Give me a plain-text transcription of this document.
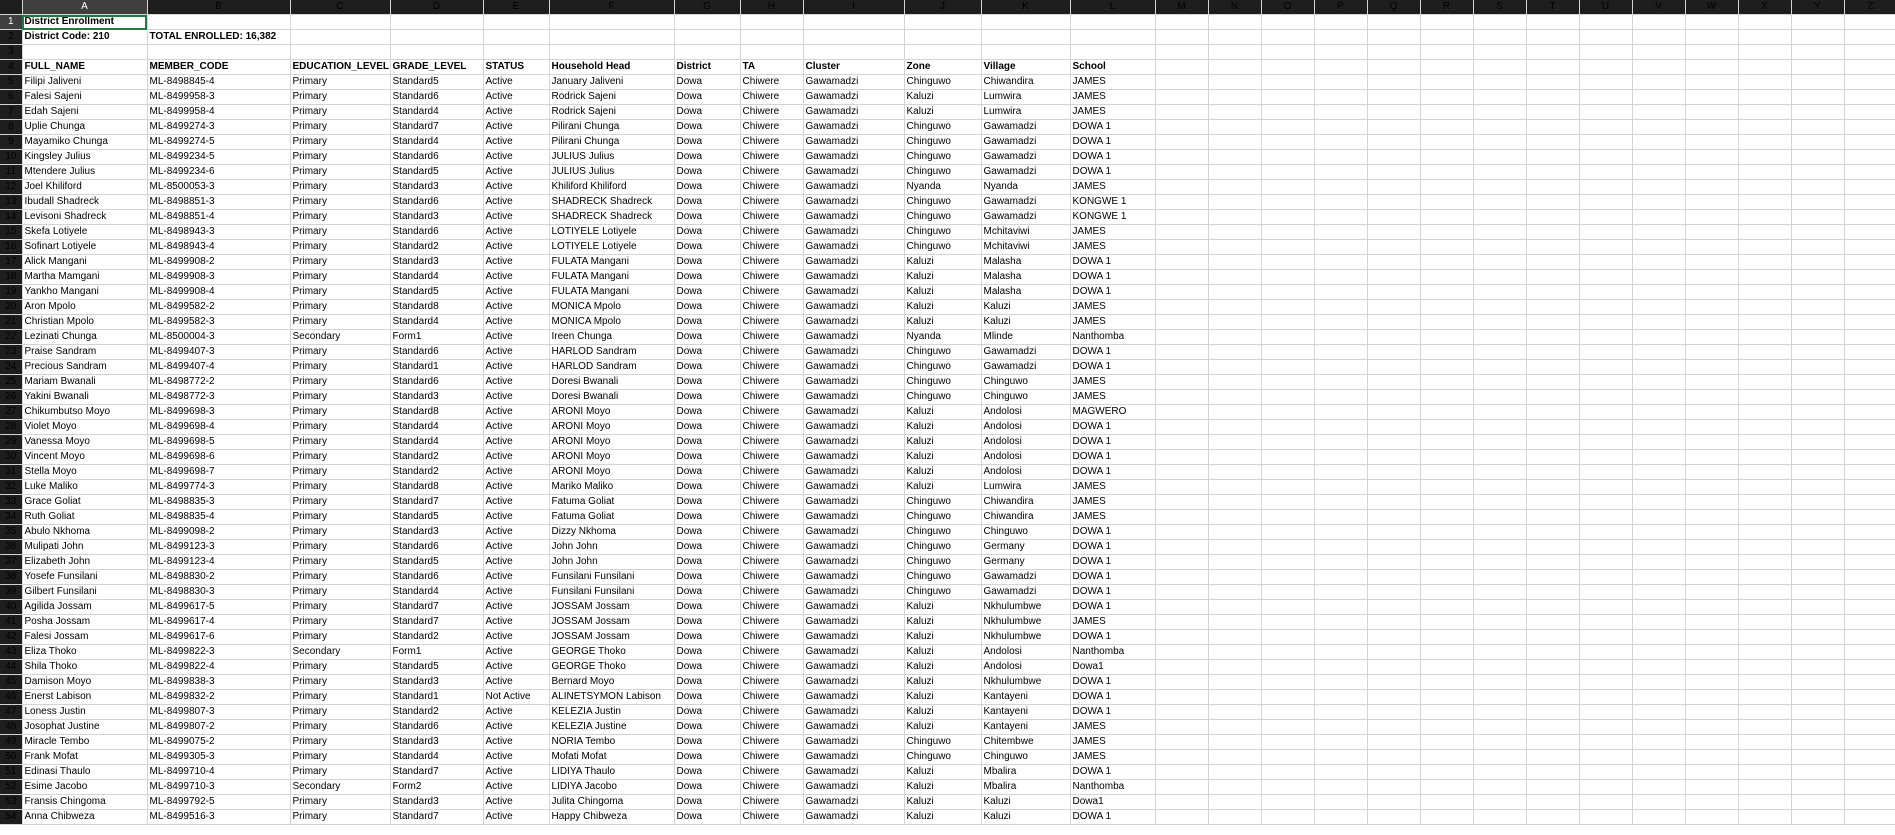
	A	B	C	D	E	F	G	H	I	J	K	L	M	N	O	P	Q	R	S	T	U	V	W	X	Y	Z
1	District Enrollment																									
2	District Code: 210	TOTAL ENROLLED: 16,382																								
3																										
4	FULL_NAME	MEMBER_CODE	EDUCATION_LEVEL	GRADE_LEVEL	STATUS	Household Head	District	TA	Cluster	Zone	Village	School														
5	Filipi Jaliveni	ML-8498845-4	Primary	Standard5	Active	January Jaliveni	Dowa	Chiwere	Gawamadzi	Chinguwo	Chiwandira	JAMES														
6	Falesi Sajeni	ML-8499958-3	Primary	Standard6	Active	Rodrick Sajeni	Dowa	Chiwere	Gawamadzi	Kaluzi	Lumwira	JAMES														
7	Edah Sajeni	ML-8499958-4	Primary	Standard4	Active	Rodrick Sajeni	Dowa	Chiwere	Gawamadzi	Kaluzi	Lumwira	JAMES														
8	Uplie Chunga	ML-8499274-3	Primary	Standard7	Active	Pilirani Chunga	Dowa	Chiwere	Gawamadzi	Chinguwo	Gawamadzi	DOWA 1														
9	Mayamiko Chunga	ML-8499274-5	Primary	Standard4	Active	Pilirani Chunga	Dowa	Chiwere	Gawamadzi	Chinguwo	Gawamadzi	DOWA 1														
10	Kingsley Julius	ML-8499234-5	Primary	Standard6	Active	JULIUS Julius	Dowa	Chiwere	Gawamadzi	Chinguwo	Gawamadzi	DOWA 1														
11	Mtendere Julius	ML-8499234-6	Primary	Standard5	Active	JULIUS Julius	Dowa	Chiwere	Gawamadzi	Chinguwo	Gawamadzi	DOWA 1														
12	Joel Khiliford	ML-8500053-3	Primary	Standard3	Active	Khiliford Khiliford	Dowa	Chiwere	Gawamadzi	Nyanda	Nyanda	JAMES														
13	Ibudall Shadreck	ML-8498851-3	Primary	Standard6	Active	SHADRECK Shadreck	Dowa	Chiwere	Gawamadzi	Chinguwo	Gawamadzi	KONGWE 1														
14	Levisoni Shadreck	ML-8498851-4	Primary	Standard3	Active	SHADRECK Shadreck	Dowa	Chiwere	Gawamadzi	Chinguwo	Gawamadzi	KONGWE 1														
15	Skefa Lotiyele	ML-8498943-3	Primary	Standard6	Active	LOTIYELE Lotiyele	Dowa	Chiwere	Gawamadzi	Chinguwo	Mchitaviwi	JAMES														
16	Sofinart Lotiyele	ML-8498943-4	Primary	Standard2	Active	LOTIYELE Lotiyele	Dowa	Chiwere	Gawamadzi	Chinguwo	Mchitaviwi	JAMES														
17	Alick Mangani	ML-8499908-2	Primary	Standard3	Active	FULATA Mangani	Dowa	Chiwere	Gawamadzi	Kaluzi	Malasha	DOWA 1														
18	Martha Mamgani	ML-8499908-3	Primary	Standard4	Active	FULATA Mangani	Dowa	Chiwere	Gawamadzi	Kaluzi	Malasha	DOWA 1														
19	Yankho Mangani	ML-8499908-4	Primary	Standard5	Active	FULATA Mangani	Dowa	Chiwere	Gawamadzi	Kaluzi	Malasha	DOWA 1														
20	Aron Mpolo	ML-8499582-2	Primary	Standard8	Active	MONICA Mpolo	Dowa	Chiwere	Gawamadzi	Kaluzi	Kaluzi	JAMES														
21	Christian Mpolo	ML-8499582-3	Primary	Standard4	Active	MONICA Mpolo	Dowa	Chiwere	Gawamadzi	Kaluzi	Kaluzi	JAMES														
22	Lezinati Chunga	ML-8500004-3	Secondary	Form1	Active	Ireen Chunga	Dowa	Chiwere	Gawamadzi	Nyanda	Mlinde	Nanthomba														
23	Praise Sandram	ML-8499407-3	Primary	Standard6	Active	HARLOD Sandram	Dowa	Chiwere	Gawamadzi	Chinguwo	Gawamadzi	DOWA 1														
24	Precious Sandram	ML-8499407-4	Primary	Standard1	Active	HARLOD Sandram	Dowa	Chiwere	Gawamadzi	Chinguwo	Gawamadzi	DOWA 1														
25	Mariam Bwanali	ML-8498772-2	Primary	Standard6	Active	Doresi Bwanali	Dowa	Chiwere	Gawamadzi	Chinguwo	Chinguwo	JAMES														
26	Yakini Bwanali	ML-8498772-3	Primary	Standard3	Active	Doresi Bwanali	Dowa	Chiwere	Gawamadzi	Chinguwo	Chinguwo	JAMES														
27	Chikumbutso Moyo	ML-8499698-3	Primary	Standard8	Active	ARONI Moyo	Dowa	Chiwere	Gawamadzi	Kaluzi	Andolosi	MAGWERO														
28	Violet Moyo	ML-8499698-4	Primary	Standard4	Active	ARONI Moyo	Dowa	Chiwere	Gawamadzi	Kaluzi	Andolosi	DOWA 1														
29	Vanessa Moyo	ML-8499698-5	Primary	Standard4	Active	ARONI Moyo	Dowa	Chiwere	Gawamadzi	Kaluzi	Andolosi	DOWA 1														
30	Vincent Moyo	ML-8499698-6	Primary	Standard2	Active	ARONI Moyo	Dowa	Chiwere	Gawamadzi	Kaluzi	Andolosi	DOWA 1														
31	Stella Moyo	ML-8499698-7	Primary	Standard2	Active	ARONI Moyo	Dowa	Chiwere	Gawamadzi	Kaluzi	Andolosi	DOWA 1														
32	Luke Maliko	ML-8499774-3	Primary	Standard8	Active	Mariko Maliko	Dowa	Chiwere	Gawamadzi	Kaluzi	Lumwira	JAMES														
33	Grace Goliat	ML-8498835-3	Primary	Standard7	Active	Fatuma Goliat	Dowa	Chiwere	Gawamadzi	Chinguwo	Chiwandira	JAMES														
34	Ruth Goliat	ML-8498835-4	Primary	Standard5	Active	Fatuma Goliat	Dowa	Chiwere	Gawamadzi	Chinguwo	Chiwandira	JAMES														
35	Abulo Nkhoma	ML-8499098-2	Primary	Standard3	Active	Dizzy Nkhoma	Dowa	Chiwere	Gawamadzi	Chinguwo	Chinguwo	DOWA 1														
36	Mulipati John	ML-8499123-3	Primary	Standard6	Active	John John	Dowa	Chiwere	Gawamadzi	Chinguwo	Germany	DOWA 1														
37	Elizabeth John	ML-8499123-4	Primary	Standard5	Active	John John	Dowa	Chiwere	Gawamadzi	Chinguwo	Germany	DOWA 1														
38	Yosefe Funsilani	ML-8498830-2	Primary	Standard6	Active	Funsilani Funsilani	Dowa	Chiwere	Gawamadzi	Chinguwo	Gawamadzi	DOWA 1														
39	Gilbert Funsilani	ML-8498830-3	Primary	Standard4	Active	Funsilani Funsilani	Dowa	Chiwere	Gawamadzi	Chinguwo	Gawamadzi	DOWA 1														
40	Agilida Jossam	ML-8499617-5	Primary	Standard7	Active	JOSSAM Jossam	Dowa	Chiwere	Gawamadzi	Kaluzi	Nkhulumbwe	DOWA 1														
41	Posha Jossam	ML-8499617-4	Primary	Standard7	Active	JOSSAM Jossam	Dowa	Chiwere	Gawamadzi	Kaluzi	Nkhulumbwe	JAMES														
42	Falesi Jossam	ML-8499617-6	Primary	Standard2	Active	JOSSAM Jossam	Dowa	Chiwere	Gawamadzi	Kaluzi	Nkhulumbwe	DOWA 1														
43	Eliza Thoko	ML-8499822-3	Secondary	Form1	Active	GEORGE Thoko	Dowa	Chiwere	Gawamadzi	Kaluzi	Andolosi	Nanthomba														
44	Shila Thoko	ML-8499822-4	Primary	Standard5	Active	GEORGE Thoko	Dowa	Chiwere	Gawamadzi	Kaluzi	Andolosi	Dowa1														
45	Damison Moyo	ML-8499838-3	Primary	Standard3	Active	Bernard Moyo	Dowa	Chiwere	Gawamadzi	Kaluzi	Nkhulumbwe	DOWA 1														
46	Enerst Labison	ML-8499832-2	Primary	Standard1	Not Active	ALINETSYMON Labison	Dowa	Chiwere	Gawamadzi	Kaluzi	Kantayeni	DOWA 1														
47	Loness Justin	ML-8499807-3	Primary	Standard2	Active	KELEZIA Justin	Dowa	Chiwere	Gawamadzi	Kaluzi	Kantayeni	DOWA 1														
48	Josophat Justine	ML-8499807-2	Primary	Standard6	Active	KELEZIA Justine	Dowa	Chiwere	Gawamadzi	Kaluzi	Kantayeni	JAMES														
49	Miracle Tembo	ML-8499075-2	Primary	Standard3	Active	NORIA Tembo	Dowa	Chiwere	Gawamadzi	Chinguwo	Chitembwe	JAMES														
50	Frank Mofat	ML-8499305-3	Primary	Standard4	Active	Mofati Mofat	Dowa	Chiwere	Gawamadzi	Chinguwo	Chinguwo	JAMES														
51	Edinasi Thaulo	ML-8499710-4	Primary	Standard7	Active	LIDIYA Thaulo	Dowa	Chiwere	Gawamadzi	Kaluzi	Mbalira	DOWA 1														
52	Esime Jacobo	ML-8499710-3	Secondary	Form2	Active	LIDIYA Jacobo	Dowa	Chiwere	Gawamadzi	Kaluzi	Mbalira	Nanthomba														
53	Fransis Chingoma	ML-8499792-5	Primary	Standard3	Active	Julita Chingoma	Dowa	Chiwere	Gawamadzi	Kaluzi	Kaluzi	Dowa1														
54	Anna Chibweza	ML-8499516-3	Primary	Standard7	Active	Happy Chibweza	Dowa	Chiwere	Gawamadzi	Kaluzi	Kaluzi	DOWA 1														
